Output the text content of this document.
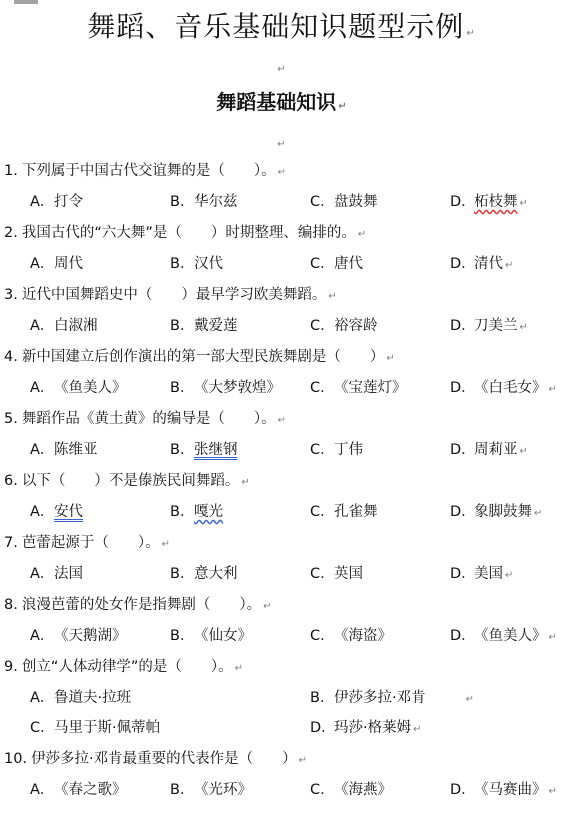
舞蹈、音乐基础知识题型示例 ↵
↵
舞蹈基础知识 ↵
↵
1. 下列属于中国古代交谊舞的是（　　）。 ↵
A．打令	B．华尔兹	C．盘鼓舞	D．柘枝舞 ↵
2. 我国古代的“六大舞”是（　　）时期整理、编排的。 ↵
A．周代	B．汉代	C．唐代	D．清代 ↵
3. 近代中国舞蹈史中（　　）最早学习欧美舞蹈。 ↵
A．白淑湘	B．戴爱莲	C．裕容龄	D．刀美兰 ↵
4. 新中国建立后创作演出的第一部大型民族舞剧是（　　） ↵
A．《鱼美人》	B．《大梦敦煌》 C．《宝莲灯》	D．《白毛女》 ↵
5. 舞蹈作品《黄土黄》的编导是（　　）。 ↵
A．陈维亚	B．张继钢	C．丁伟	D．周莉亚 ↵
6. 以下（　　）不是傣族民间舞蹈。 ↵
A．安代	B．嘎光	C．孔雀舞	D．象脚鼓舞 ↵
7. 芭蕾起源于（　　）。 ↵
A．法国	B．意大利	C．英国	D．美国 ↵
8. 浪漫芭蕾的处女作是指舞剧（　　）。 ↵
A．《天鹅湖》	B．《仙女》	C．《海盗》	D．《鱼美人》 ↵
9. 创立“人体动律学”的是（　　）。 ↵
A．鲁道夫·拉班	B．伊莎多拉·邓肯	↵
C．马里于斯·佩蒂帕	D．玛莎·格莱姆 ↵
10. 伊莎多拉·邓肯最重要的代表作是（　　） ↵
A．《春之歌》	B．《光环》	C．《海燕》	D．《马赛曲》 ↵
